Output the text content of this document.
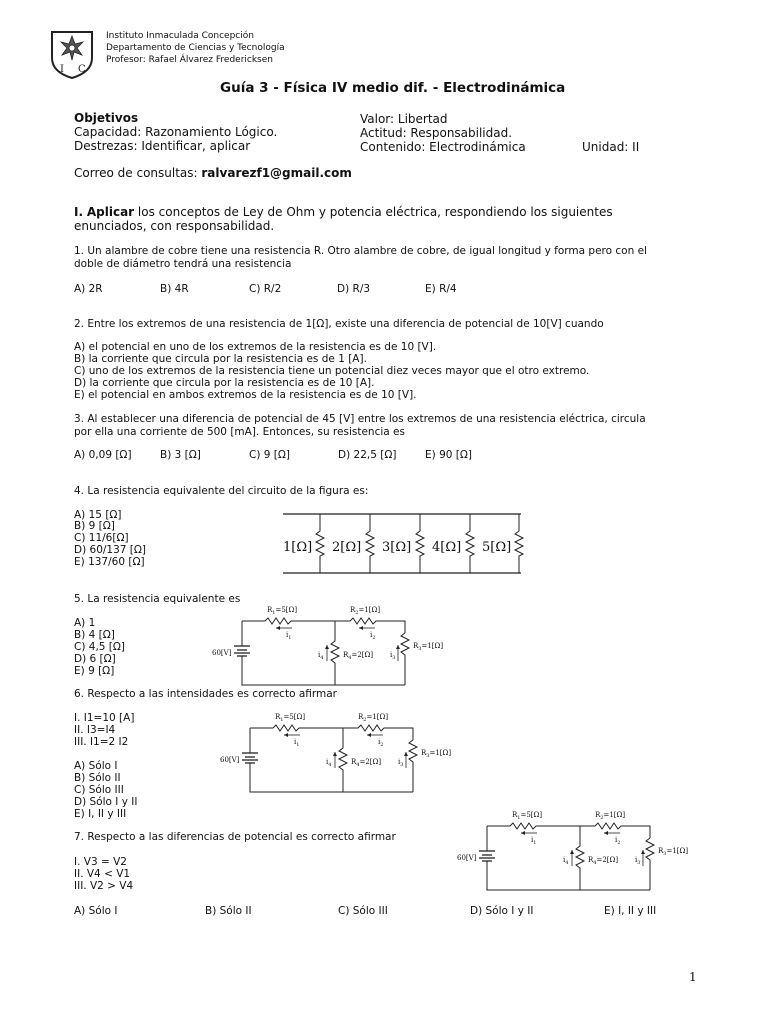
I C
Instituto Inmaculada Concepción
Departamento de Ciencias y Tecnología
Profesor: Rafael Álvarez Fredericksen
Guía 3 - Física IV medio dif. - Electrodinámica
Objetivos
Capacidad: Razonamiento Lógico.
Destrezas: Identificar, aplicar
Valor: Libertad
Actitud: Responsabilidad.
Contenido: Electrodinámica	Unidad: II
Correo de consultas: ralvarezf1@gmail.com
I. Aplicar los conceptos de Ley de Ohm y potencia eléctrica, respondiendo los siguientes
enunciados, con responsabilidad.
1. Un alambre de cobre tiene una resistencia R. Otro alambre de cobre, de igual longitud y forma pero con el
doble de diámetro tendrá una resistencia
A) 2R	B) 4R	C) R/2	D) R/3	E) R/4
2. Entre los extremos de una resistencia de 1[Ω], existe una diferencia de potencial de 10[V] cuando
A) el potencial en uno de los extremos de la resistencia es de 10 [V].
B) la corriente que circula por la resistencia es de 1 [A].
C) uno de los extremos de la resistencia tiene un potencial diez veces mayor que el otro extremo.
D) la corriente que circula por la resistencia es de 10 [A].
E) el potencial en ambos extremos de la resistencia es de 10 [V].
3. Al establecer una diferencia de potencial de 45 [V] entre los extremos de una resistencia eléctrica, circula
por ella una corriente de 500 [mA]. Entonces, su resistencia es
A) 0,09 [Ω]	B) 3 [Ω]	C) 9 [Ω]	D) 22,5 [Ω]	E) 90 [Ω]
4. La resistencia equivalente del circuito de la figura es:
A) 15 [Ω]
B) 9 [Ω]
C) 11/6[Ω]
D) 60/137 [Ω]
E) 137/60 [Ω]
1[Ω] 2[Ω] 3[Ω] 4[Ω] 5[Ω]
5. La resistencia equivalente es
A) 1
B) 4 [Ω]
C) 4,5 [Ω]
D) 6 [Ω]
E) 9 [Ω]
60[V]
$R_1=5[\Omega]$	$R_2=1[\Omega]$
$R_3=1[\Omega]$
$R_4=2[\Omega]$
$i_1$	$i_2$
$i_4$	$i_3$
6. Respecto a las intensidades es correcto afirmar
I. I1=10 [A]
II. I3=I4
III. I1=2 I2
A) Sólo I
B) Sólo II
C) Sólo III
D) Sólo I y II
E) I, II y III
60[V]
$R_1=5[\Omega]$	$R_2=1[\Omega]$
$R_3=1[\Omega]$
$R_4=2[\Omega]$
$i_1$	$i_2$
$i_4$	$i_3$
7. Respecto a las diferencias de potencial es correcto afirmar
I. V3 = V2
II. V4 < V1
III. V2 > V4
A) Sólo I	B) Sólo II	C) Sólo III	D) Sólo I y II	E) I, II y III
60[V]
$R_1=5[\Omega]$	$R_2=1[\Omega]$
$R_3=1[\Omega]$
$R_4=2[\Omega]$
$i_1$	$i_2$
$i_4$	$i_3$
1
